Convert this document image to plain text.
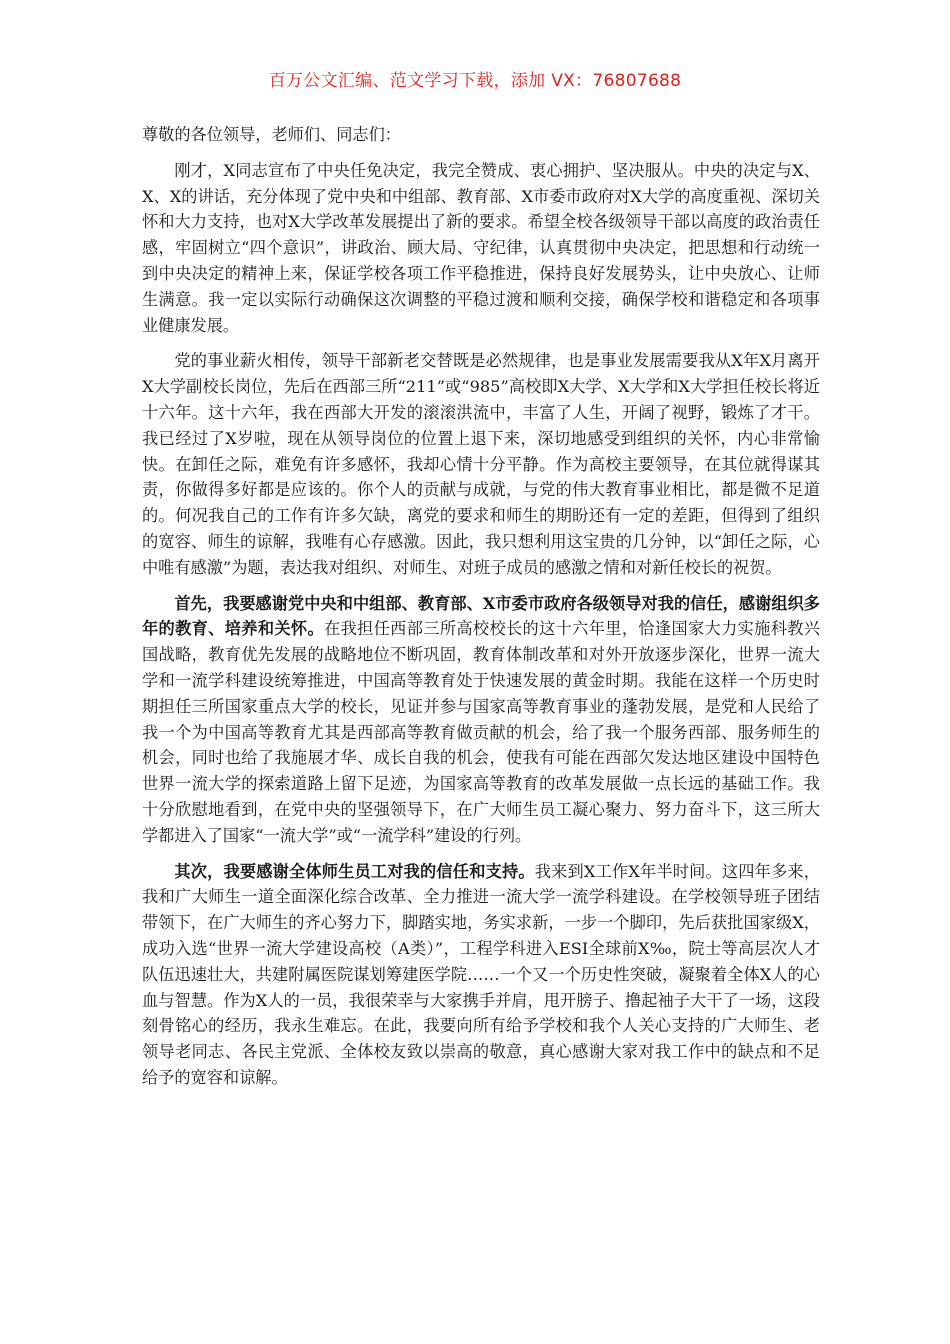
百万公文汇编、范文学习下载，添加 VX：76807688

尊敬的各位领导，老师们、同志们：

刚才，X同志宣布了中央任免决定，我完全赞成、衷心拥护、坚决服从。中央的决定与X、X、X的讲话，充分体现了党中央和中组部、教育部、X市委市政府对X大学的高度重视、深切关怀和大力支持，也对X大学改革发展提出了新的要求。希望全校各级领导干部以高度的政治责任感，牢固树立“四个意识”，讲政治、顾大局、守纪律，认真贯彻中央决定，把思想和行动统一到中央决定的精神上来，保证学校各项工作平稳推进，保持良好发展势头，让中央放心、让师生满意。我一定以实际行动确保这次调整的平稳过渡和顺利交接，确保学校和谐稳定和各项事业健康发展。

党的事业薪火相传，领导干部新老交替既是必然规律，也是事业发展需要我从X年X月离开X大学副校长岗位，先后在西部三所“211”或“985”高校即X大学、X大学和X大学担任校长将近十六年。这十六年，我在西部大开发的滚滚洪流中，丰富了人生，开阔了视野，锻炼了才干。我已经过了X岁啦，现在从领导岗位的位置上退下来，深切地感受到组织的关怀，内心非常愉快。在卸任之际，难免有许多感怀，我却心情十分平静。作为高校主要领导，在其位就得谋其责，你做得多好都是应该的。你个人的贡献与成就，与党的伟大教育事业相比，都是微不足道的。何况我自己的工作有许多欠缺，离党的要求和师生的期盼还有一定的差距，但得到了组织的宽容、师生的谅解，我唯有心存感激。因此，我只想利用这宝贵的几分钟，以“卸任之际，心中唯有感激”为题，表达我对组织、对师生、对班子成员的感激之情和对新任校长的祝贺。

首先，我要感谢党中央和中组部、教育部、X市委市政府各级领导对我的信任，感谢组织多年的教育、培养和关怀。在我担任西部三所高校校长的这十六年里，恰逢国家大力实施科教兴国战略，教育优先发展的战略地位不断巩固，教育体制改革和对外开放逐步深化，世界一流大学和一流学科建设统筹推进，中国高等教育处于快速发展的黄金时期。我能在这样一个历史时期担任三所国家重点大学的校长，见证并参与国家高等教育事业的蓬勃发展，是党和人民给了我一个为中国高等教育尤其是西部高等教育做贡献的机会，给了我一个服务西部、服务师生的机会，同时也给了我施展才华、成长自我的机会，使我有可能在西部欠发达地区建设中国特色世界一流大学的探索道路上留下足迹，为国家高等教育的改革发展做一点长远的基础工作。我十分欣慰地看到，在党中央的坚强领导下，在广大师生员工凝心聚力、努力奋斗下，这三所大学都进入了国家“一流大学”或“一流学科”建设的行列。

其次，我要感谢全体师生员工对我的信任和支持。我来到X工作X年半时间。这四年多来，我和广大师生一道全面深化综合改革、全力推进一流大学一流学科建设。在学校领导班子团结带领下，在广大师生的齐心努力下，脚踏实地，务实求新，一步一个脚印，先后获批国家级X，成功入选“世界一流大学建设高校（A类）”，工程学科进入ESI全球前X‰，院士等高层次人才队伍迅速壮大，共建附属医院谋划筹建医学院……一个又一个历史性突破，凝聚着全体X人的心血与智慧。作为X人的一员，我很荣幸与大家携手并肩，甩开膀子、撸起袖子大干了一场，这段刻骨铭心的经历，我永生难忘。在此，我要向所有给予学校和我个人关心支持的广大师生、老领导老同志、各民主党派、全体校友致以崇高的敬意，真心感谢大家对我工作中的缺点和不足给予的宽容和谅解。
